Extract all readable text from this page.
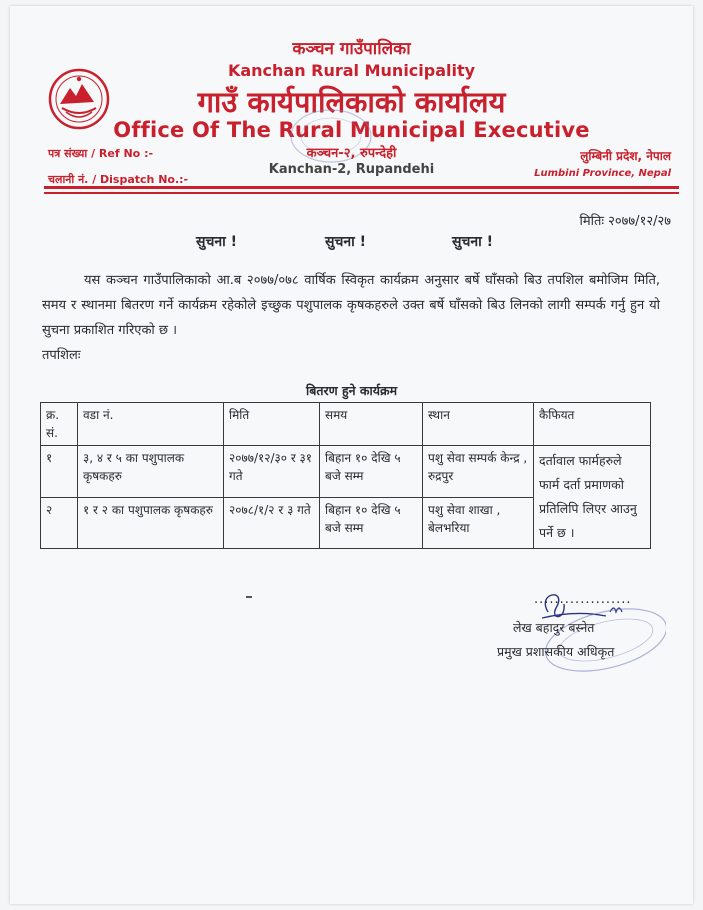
कञ्चन गाउँपालिका
Kanchan Rural Municipality
गाउँ कार्यपालिकाको कार्यालय
Office Of The Rural Municipal Executive
कञ्चन-२, रुपन्देही
Kanchan-2, Rupandehi
पत्र संख्या / Ref No :-
चलानी नं. / Dispatch No.:-
लुम्बिनी प्रदेश, नेपाल
Lumbini Province, Nepal
मितिः २०७७/१२/२७
सुचना !	सुचना !	सुचना !

यस कञ्चन गाउँपालिकाको आ.ब २०७७/०७८ वार्षिक स्विकृत कार्यक्रम अनुसार बर्षे घाँसको बिउ तपशिल बमोजिम मिति, समय र स्थानमा बितरण गर्ने कार्यक्रम रहेकोले इच्छुक पशुपालक कृषकहरुले उक्त बर्षे घाँसको बिउ लिनको लागी सम्पर्क गर्नु हुन यो सुचना प्रकाशित गरिएको छ ।

तपशिलः

बितरण हुने कार्यक्रम
क्र. सं.	वडा नं.	मिति	समय	स्थान	कैफियत
१	३, ४ र ५ का पशुपालक कृषकहरु	२०७७/१२/३० र ३१ गते	बिहान १० देखि ५ बजे सम्म	पशु सेवा सम्पर्क केन्द्र , रुद्रपुर	दर्तावाल फार्महरुले फार्म दर्ता प्रमाणको प्रतिलिपि लिएर आउनु पर्ने छ ।
२	१ र २ का पशुपालक कृषकहरु	२०७८/१/२ र ३ गते	बिहान १० देखि ५ बजे सम्म	पशु सेवा शाखा , बेलभरिया	
...................
लेख बहादुर बस्नेत
प्रमुख प्रशासकीय अधिकृत
